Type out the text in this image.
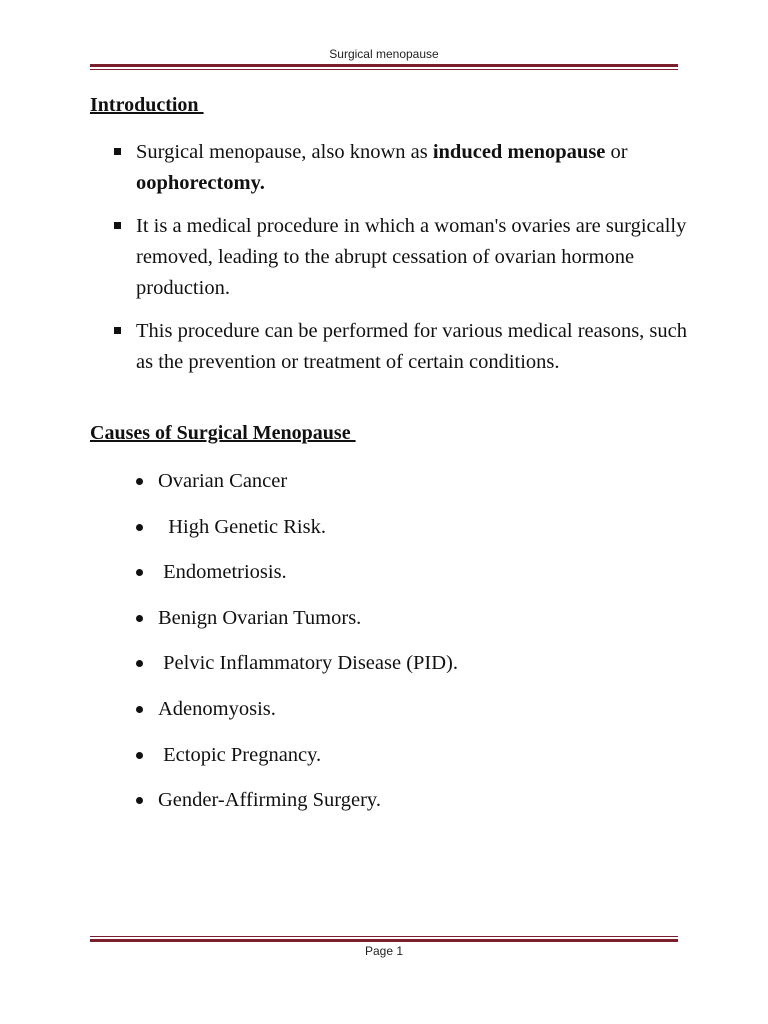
Surgical menopause
Introduction
Surgical menopause, also known as induced menopause or oophorectomy.
It is a medical procedure in which a woman's ovaries are surgically removed, leading to the abrupt cessation of ovarian hormone production.
This procedure can be performed for various medical reasons, such as the prevention or treatment of certain conditions.
Causes of Surgical Menopause
Ovarian Cancer
High Genetic Risk.
Endometriosis.
Benign Ovarian Tumors.
Pelvic Inflammatory Disease (PID).
Adenomyosis.
Ectopic Pregnancy.
Gender-Affirming Surgery.
Page 1
